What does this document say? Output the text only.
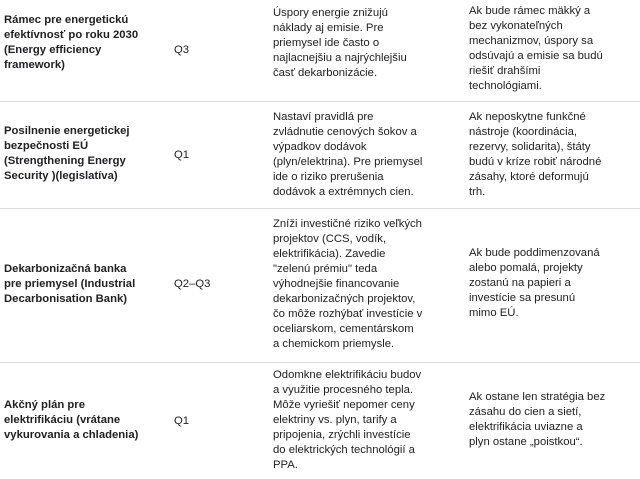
Rámec pre energetickú
efektívnosť po roku 2030
(Energy efficiency
framework)
Q3
Úspory energie znižujú
náklady aj emisie. Pre
priemysel ide často o
najlacnejšiu a najrýchlejšiu
časť dekarbonizácie.
Ak bude rámec mäkký a
bez vykonateľných
mechanizmov, úspory sa
odsúvajú a emisie sa budú
riešiť drahšími
technológiami.
Posilnenie energetickej
bezpečnosti EÚ
(Strengthening Energy
Security )(legislatíva)
Q1
Nastaví pravidlá pre
zvládnutie cenových šokov a
výpadkov dodávok
(plyn/elektrina). Pre priemysel
ide o riziko prerušenia
dodávok a extrémnych cien.
Ak neposkytne funkčné
nástroje (koordinácia,
rezervy, solidarita), štáty
budú v kríze robiť národné
zásahy, ktoré deformujú
trh.
Dekarbonizačná banka
pre priemysel (Industrial
Decarbonisation Bank)
Q2–Q3
Zníži investičné riziko veľkých
projektov (CCS, vodík,
elektrifikácia). Zavedie
"zelenú prémiu" teda
výhodnejšie financovanie
dekarbonizačných projektov,
čo môže rozhýbať investície v
oceliarskom, cementárskom
a chemickom priemysle.
Ak bude poddimenzovaná
alebo pomalá, projekty
zostanú na papieri a
investície sa presunú
mimo EÚ.
Akčný plán pre
elektrifikáciu (vrátane
vykurovania a chladenia)
Q1
Odomkne elektrifikáciu budov
a využitie procesného tepla.
Môže vyriešiť nepomer ceny
elektriny vs. plyn, tarify a
pripojenia, zrýchli investície
do elektrických technológií a
PPA.
Ak ostane len stratégia bez
zásahu do cien a sietí,
elektrifikácia uviazne a
plyn ostane „poistkou“.
